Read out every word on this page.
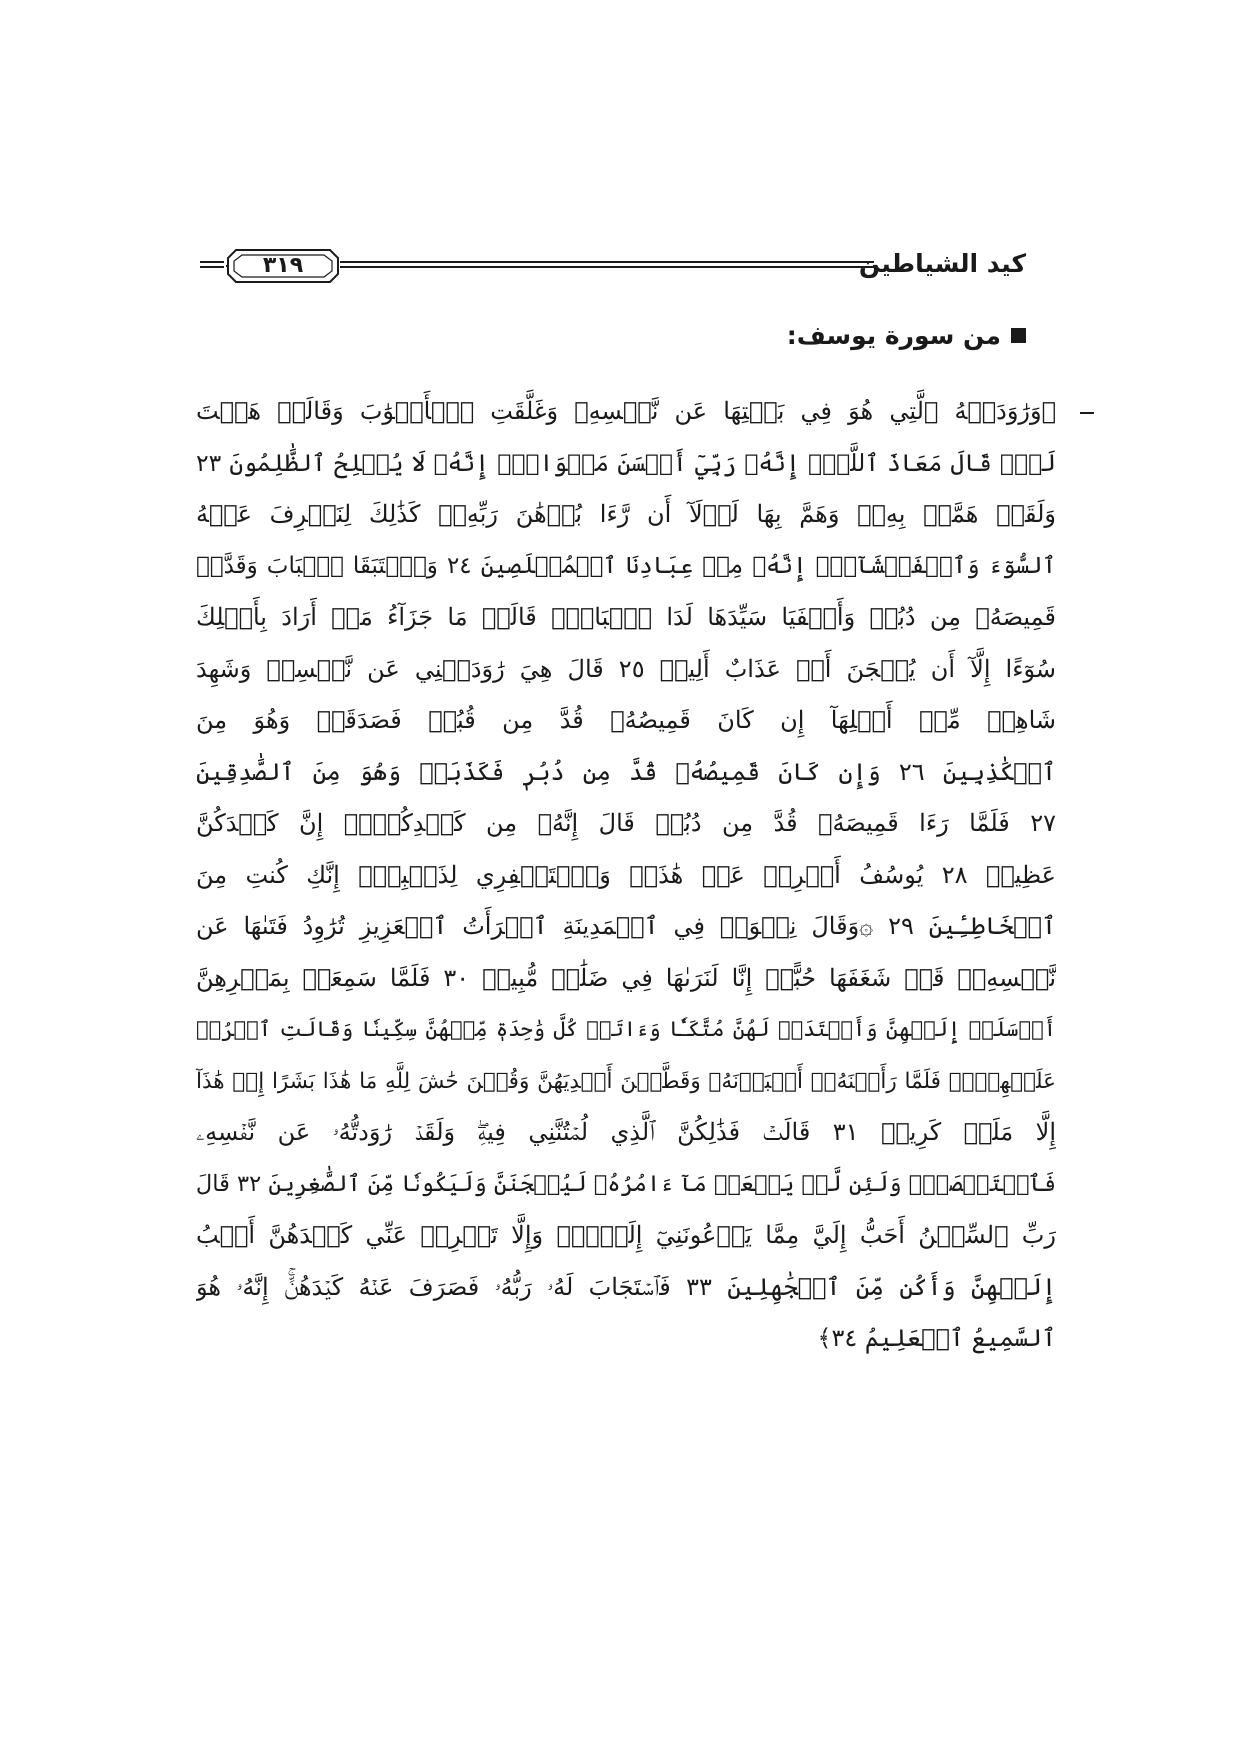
كيد الشياطين
٣١٩
من سورة يوسف:
﴿وَرَٰوَدَتۡهُ ٱلَّتِي هُوَ فِي بَيۡتِهَا عَن نَّفۡسِهِۦ وَغَلَّقَتِ ٱلۡأَبۡوَٰبَ وَقَالَتۡ هَيۡتَ
لَكَۚ قَالَ مَعَاذَ ٱللَّهِۖ إِنَّهُۥ رَبِّيٓ أَحۡسَنَ مَثۡوَايَۖ إِنَّهُۥ لَا يُفۡلِحُ ٱلظَّٰلِمُونَ ٢٣
وَلَقَدۡ هَمَّتۡ بِهِۦۖ وَهَمَّ بِهَا لَوۡلَآ أَن رَّءَا بُرۡهَٰنَ رَبِّهِۦۚ كَذَٰلِكَ لِنَصۡرِفَ عَنۡهُ
ٱلسُّوٓءَ وَٱلۡفَحۡشَآءَۚ إِنَّهُۥ مِنۡ عِبَادِنَا ٱلۡمُخۡلَصِينَ ٢٤ وَٱسۡتَبَقَا ٱلۡبَابَ وَقَدَّتۡ
قَمِيصَهُۥ مِن دُبُرٖ وَأَلۡفَيَا سَيِّدَهَا لَدَا ٱلۡبَابِۚ قَالَتۡ مَا جَزَآءُ مَنۡ أَرَادَ بِأَهۡلِكَ
سُوٓءًا إِلَّآ أَن يُسۡجَنَ أَوۡ عَذَابٌ أَلِيمٞ ٢٥ قَالَ هِيَ رَٰوَدَتۡنِي عَن نَّفۡسِيۚ وَشَهِدَ
شَاهِدٞ مِّنۡ أَهۡلِهَآ إِن كَانَ قَمِيصُهُۥ قُدَّ مِن قُبُلٖ فَصَدَقَتۡ وَهُوَ مِنَ
ٱلۡكَٰذِبِينَ ٢٦ وَإِن كَانَ قَمِيصُهُۥ قُدَّ مِن دُبُرٖ فَكَذَبَتۡ وَهُوَ مِنَ ٱلصَّٰدِقِينَ
٢٧ فَلَمَّا رَءَا قَمِيصَهُۥ قُدَّ مِن دُبُرٖ قَالَ إِنَّهُۥ مِن كَيۡدِكُنَّۖ إِنَّ كَيۡدَكُنَّ
عَظِيمٞ ٢٨ يُوسُفُ أَعۡرِضۡ عَنۡ هَٰذَاۚ وَٱسۡتَغۡفِرِي لِذَنۢبِكِۖ إِنَّكِ كُنتِ مِنَ
ٱلۡخَاطِـِٔينَ ٢٩ ۞وَقَالَ نِسۡوَةٞ فِي ٱلۡمَدِينَةِ ٱمۡرَأَتُ ٱلۡعَزِيزِ تُرَٰوِدُ فَتَىٰهَا عَن
نَّفۡسِهِۦۖ قَدۡ شَغَفَهَا حُبًّاۖ إِنَّا لَنَرَىٰهَا فِي ضَلَٰلٖ مُّبِينٖ ٣٠ فَلَمَّا سَمِعَتۡ بِمَكۡرِهِنَّ
أَرۡسَلَتۡ إِلَيۡهِنَّ وَأَعۡتَدَتۡ لَهُنَّ مُتَّكَـٔٗا وَءَاتَتۡ كُلَّ وَٰحِدَةٖ مِّنۡهُنَّ سِكِّينٗا وَقَالَتِ ٱخۡرُجۡ
عَلَيۡهِنَّۖ فَلَمَّا رَأَيۡنَهُۥٓ أَكۡبَرۡنَهُۥ وَقَطَّعۡنَ أَيۡدِيَهُنَّ وَقُلۡنَ حَٰشَ لِلَّهِ مَا هَٰذَا بَشَرًا إِنۡ هَٰذَآ
إِلَّا مَلَكٞ كَرِيمٞ ٣١ قَالَتۡ فَذَٰلِكُنَّ ٱلَّذِي لُمۡتُنَّنِي فِيهِۖ وَلَقَدۡ رَٰوَدتُّهُۥ عَن نَّفۡسِهِۦ
فَٱسۡتَعۡصَمَۖ وَلَئِن لَّمۡ يَفۡعَلۡ مَآ ءَامُرُهُۥ لَيُسۡجَنَنَّ وَلَيَكُونٗا مِّنَ ٱلصَّٰغِرِينَ ٣٢ قَالَ
رَبِّ ٱلسِّجۡنُ أَحَبُّ إِلَيَّ مِمَّا يَدۡعُونَنِيٓ إِلَيۡهِۖ وَإِلَّا تَصۡرِفۡ عَنِّي كَيۡدَهُنَّ أَصۡبُ
إِلَيۡهِنَّ وَأَكُن مِّنَ ٱلۡجَٰهِلِينَ ٣٣ فَٱسۡتَجَابَ لَهُۥ رَبُّهُۥ فَصَرَفَ عَنۡهُ كَيۡدَهُنَّۚ إِنَّهُۥ هُوَ
ٱلسَّمِيعُ ٱلۡعَلِيمُ ٣٤﴾
